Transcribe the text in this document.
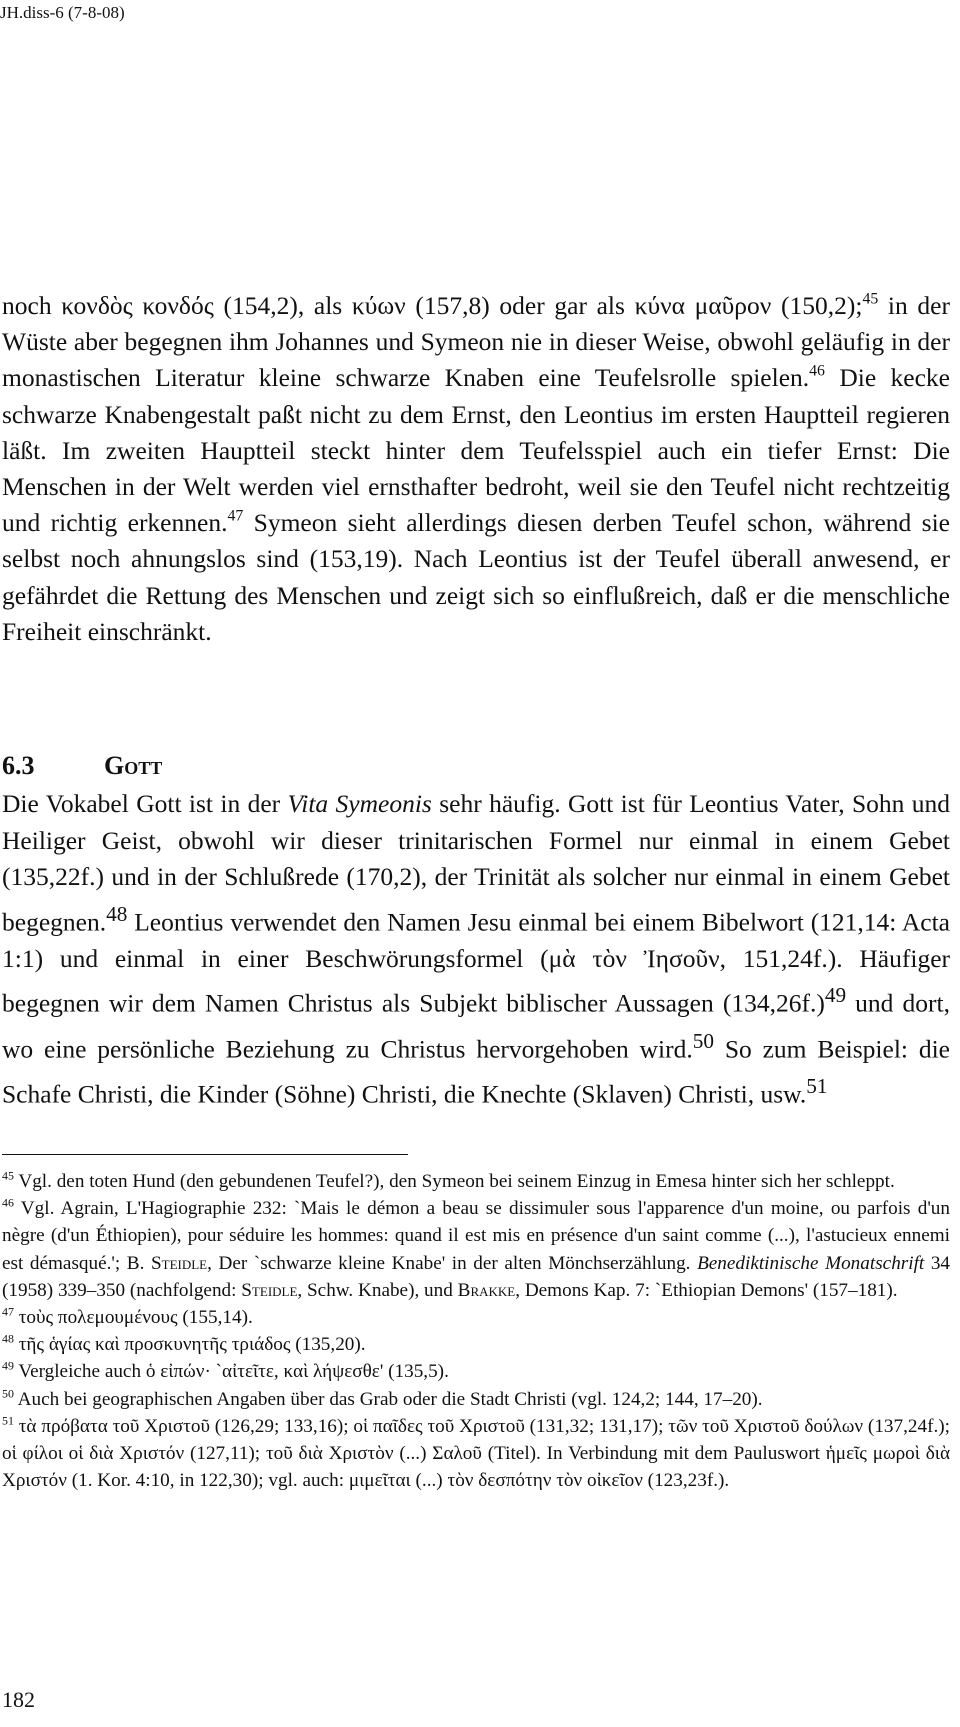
JH.diss-6 (7-8-08)

noch κονδὸς κονδός (154,2), als κύων (157,8) oder gar als κύνα μαῦρον (150,2);$^{45}$ in der Wüste aber begegnen ihm Johannes und Symeon nie in dieser Weise, obwohl geläufig in der monastischen Literatur kleine schwarze Knaben eine Teufelsrolle spielen.$^{46}$ Die kecke schwarze Knabengestalt paßt nicht zu dem Ernst, den Leontius im ersten Hauptteil regieren läßt. Im zweiten Hauptteil steckt hinter dem Teufelsspiel auch ein tiefer Ernst: Die Menschen in der Welt werden viel ernsthafter bedroht, weil sie den Teufel nicht rechtzeitig und richtig erkennen.$^{47}$ Symeon sieht allerdings diesen derben Teufel schon, während sie selbst noch ahnungslos sind (153,19). Nach Leontius ist der Teufel überall anwesend, er gefährdet die Rettung des Menschen und zeigt sich so einflußreich, daß er die menschliche Freiheit einschränkt.

6.3	Gott

Die Vokabel Gott ist in der Vita Symeonis sehr häufig. Gott ist für Leontius Vater, Sohn und Heiliger Geist, obwohl wir dieser trinitarischen Formel nur einmal in einem Gebet (135,22f.) und in der Schlußrede (170,2), der Trinität als solcher nur einmal in einem Gebet begegnen.$^{48}$ Leontius verwendet den Namen Jesu einmal bei einem Bibelwort (121,14: Acta 1:1) und einmal in einer Beschwörungsformel (μὰ τὸν Ἰησοῦν, 151,24f.). Häufiger begegnen wir dem Namen Christus als Subjekt biblischer Aussagen $(134,26f.)^{49}$ und dort, wo eine persönliche Beziehung zu Christus hervorgehoben wird.$^{50}$ So zum Beispiel: die Schafe Christi, die Kinder (Söhne) Christi, die Knechte (Sklaven) Christi, usw.$^{51}$

$^{45}$ Vgl. den toten Hund (den gebundenen Teufel?), den Symeon bei seinem Einzug in Emesa hinter sich her schleppt.

$^{46}$ Vgl. Agrain, L'Hagiographie 232: `Mais le démon a beau se dissimuler sous l'apparence d'un moine, ou parfois d'un nègre (d'un Éthiopien), pour séduire les hommes: quand il est mis en présence d'un saint comme (...), l'astucieux ennemi est démasqué.'; B. Steidle, Der `schwarze kleine Knabe' in der alten Mönchserzählung. Benediktinische Monatschrift 34 (1958) 339–350 (nachfolgend: Steidle, Schw. Knabe), und Brakke, Demons Kap. 7: `Ethiopian Demons' (157–181).

$^{47}$ τοὺς πολεμουμένους (155,14).

$^{48}$ τῆς ἁγίας καὶ προσκυνητῆς τριάδος (135,20).

$^{49}$ Vergleiche auch ὁ εἰπών· `αἰτεῖτε, καὶ λήψεσθε' (135,5).

$^{50}$ Auch bei geographischen Angaben über das Grab oder die Stadt Christi (vgl. 124,2; 144, 17–20).

$^{51}$ τὰ πρόβατα τοῦ Χριστοῦ (126,29; 133,16); οἱ παῖδες τοῦ Χριστοῦ (131,32; 131,17); τῶν τοῦ Χριστοῦ δούλων (137,24f.); οἱ φίλοι οἱ διὰ Χριστόν (127,11); τοῦ διὰ Χριστὸν (...) Σαλοῦ (Titel). In Verbindung mit dem Pauluswort ἡμεῖς μωροὶ διὰ Χριστόν (1. Kor. 4:10, in 122,30); vgl. auch: μιμεῖται (...) τὸν δεσπότην τὸν οἰκεῖον (123,23f.).

182
